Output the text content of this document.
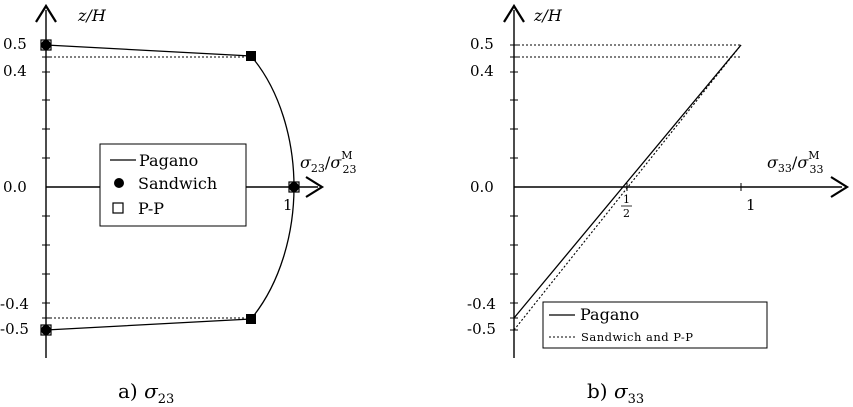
z/H
$\sigma_{23}/\sigma^M$ 23
0.5
0.4
0.0
-0.4
-0.5
1
Pagano
Sandwich
P-P
a) $\sigma_{23}$
z/H
$\sigma_{33}/\sigma^M$ 33
0.5
0.4
0.0
-0.4
-0.5
1
2	1
Pagano
Sandwich and P-P
b) $\sigma_{33}$
